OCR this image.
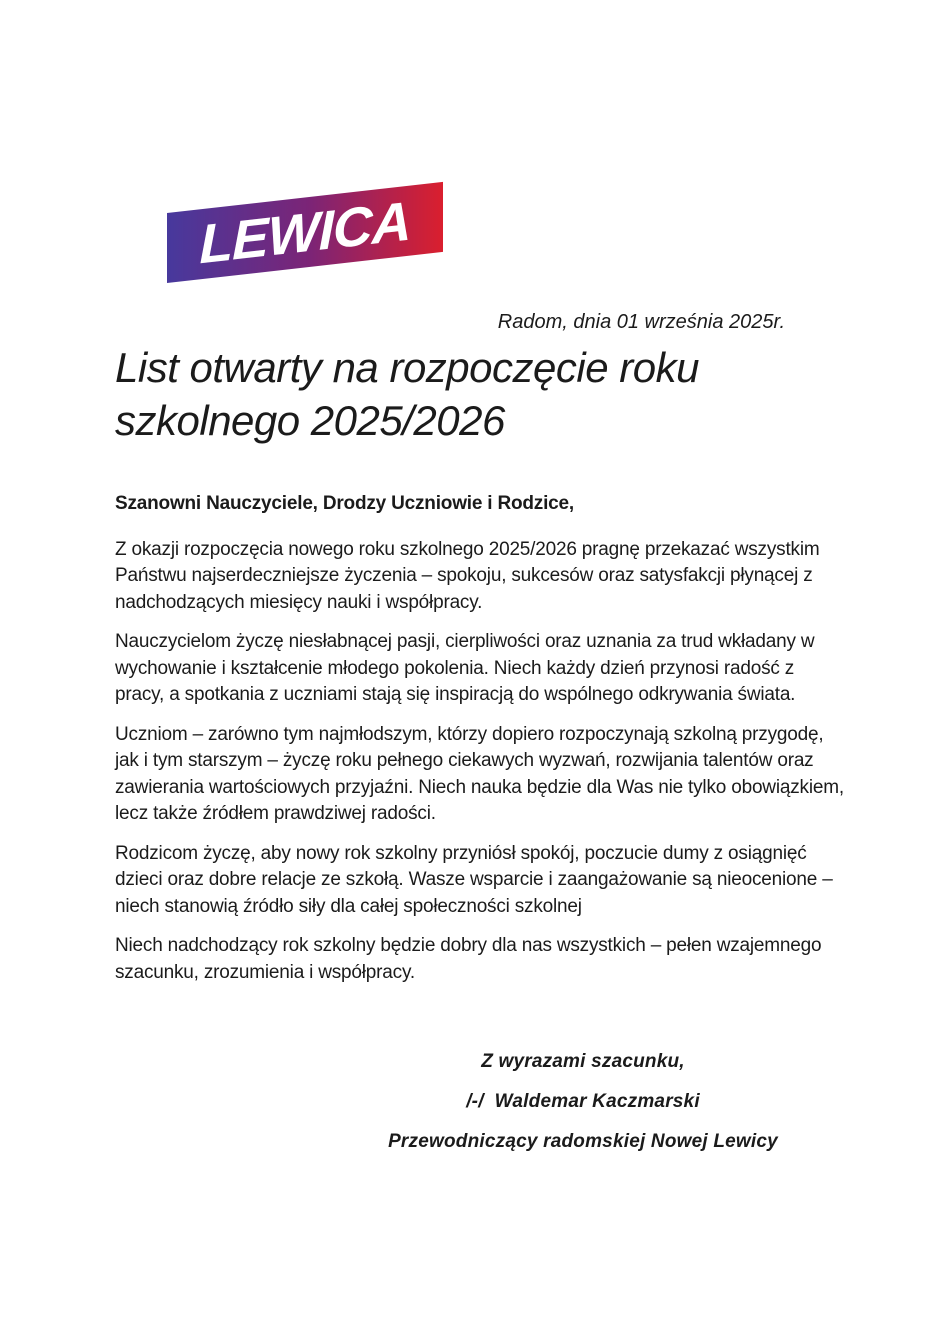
LEWICA
Radom, dnia 01 września 2025r.
List otwarty na rozpoczęcie roku
szkolnego 2025/2026

Szanowni Nauczyciele, Drodzy Uczniowie i Rodzice,

Z okazji rozpoczęcia nowego roku szkolnego 2025/2026 pragnę przekazać wszystkim Państwu najserdeczniejsze życzenia – spokoju, sukcesów oraz satysfakcji płynącej z nadchodzących miesięcy nauki i współpracy.

Nauczycielom życzę niesłabnącej pasji, cierpliwości oraz uznania za trud wkładany w wychowanie i kształcenie młodego pokolenia. Niech każdy dzień przynosi radość z pracy, a spotkania z uczniami stają się inspiracją do wspólnego odkrywania świata.

Uczniom – zarówno tym najmłodszym, którzy dopiero rozpoczynają szkolną przygodę, jak i tym starszym – życzę roku pełnego ciekawych wyzwań, rozwijania talentów oraz zawierania wartościowych przyjaźni. Niech nauka będzie dla Was nie tylko obowiązkiem, lecz także źródłem prawdziwej radości.

Rodzicom życzę, aby nowy rok szkolny przyniósł spokój, poczucie dumy z osiągnięć dzieci oraz dobre relacje ze szkołą. Wasze wsparcie i zaangażowanie są nieocenione – niech stanowią źródło siły dla całej społeczności szkolnej

Niech nadchodzący rok szkolny będzie dobry dla nas wszystkich – pełen wzajemnego szacunku, zrozumienia i współpracy.

Z wyrazami szacunku,
/-/  Waldemar Kaczmarski
Przewodniczący radomskiej Nowej Lewicy
